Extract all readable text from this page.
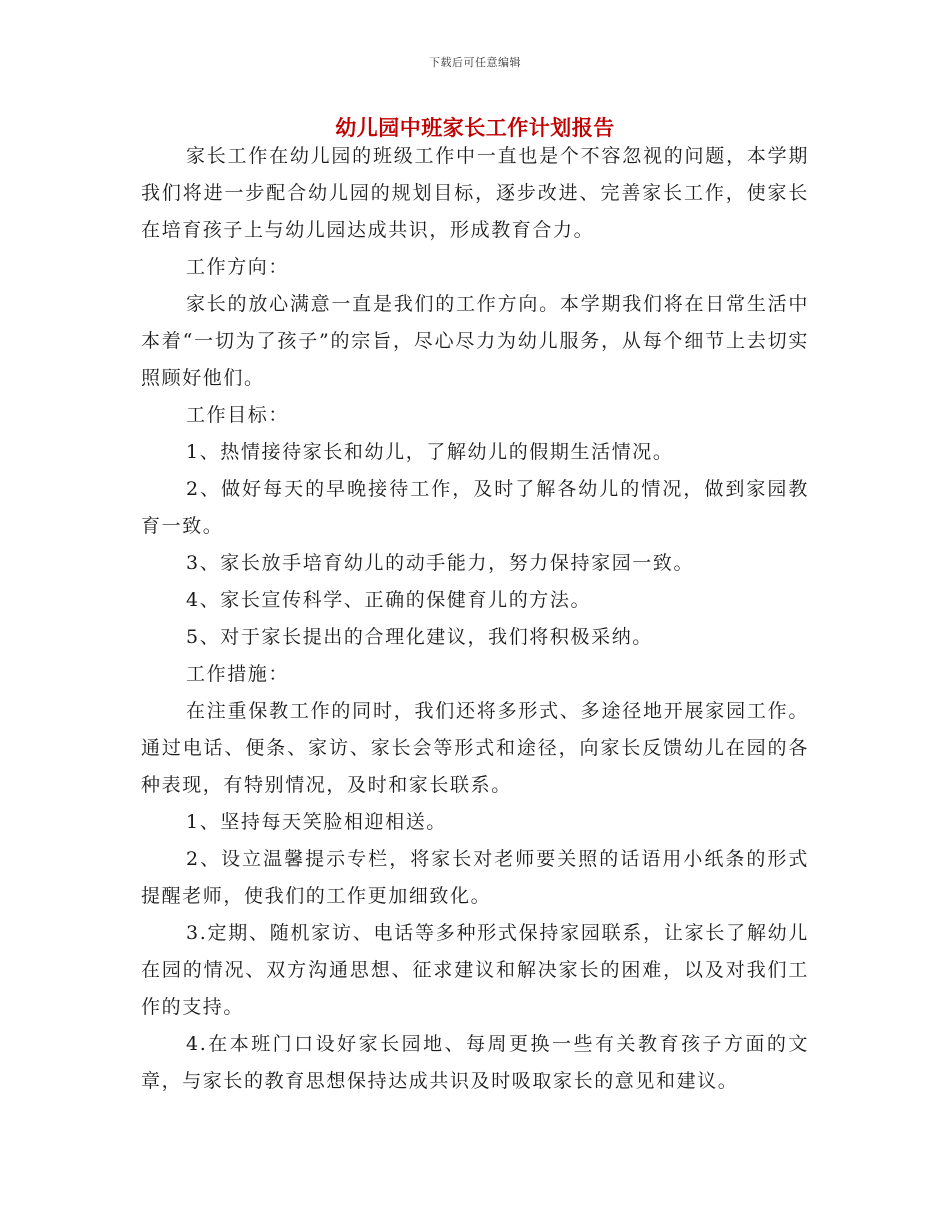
下载后可任意编辑
幼儿园中班家长工作计划报告

家长工作在幼儿园的班级工作中一直也是个不容忽视的问题，本学期我们将进一步配合幼儿园的规划目标，逐步改进、完善家长工作，使家长在培育孩子上与幼儿园达成共识，形成教育合力。

工作方向：

家长的放心满意一直是我们的工作方向。本学期我们将在日常生活中本着“一切为了孩子”的宗旨，尽心尽力为幼儿服务，从每个细节上去切实照顾好他们。

工作目标：

1、热情接待家长和幼儿，了解幼儿的假期生活情况。

2、做好每天的早晚接待工作，及时了解各幼儿的情况，做到家园教育一致。

3、家长放手培育幼儿的动手能力，努力保持家园一致。

4、家长宣传科学、正确的保健育儿的方法。

5、对于家长提出的合理化建议，我们将积极采纳。

工作措施：

在注重保教工作的同时，我们还将多形式、多途径地开展家园工作。通过电话、便条、家访、家长会等形式和途径，向家长反馈幼儿在园的各种表现，有特别情况，及时和家长联系。

1、坚持每天笑脸相迎相送。

2、设立温馨提示专栏，将家长对老师要关照的话语用小纸条的形式提醒老师，使我们的工作更加细致化。

3.定期、随机家访、电话等多种形式保持家园联系，让家长了解幼儿在园的情况、双方沟通思想、征求建议和解决家长的困难，以及对我们工作的支持。

4.在本班门口设好家长园地、每周更换一些有关教育孩子方面的文章，与家长的教育思想保持达成共识及时吸取家长的意见和建议。
